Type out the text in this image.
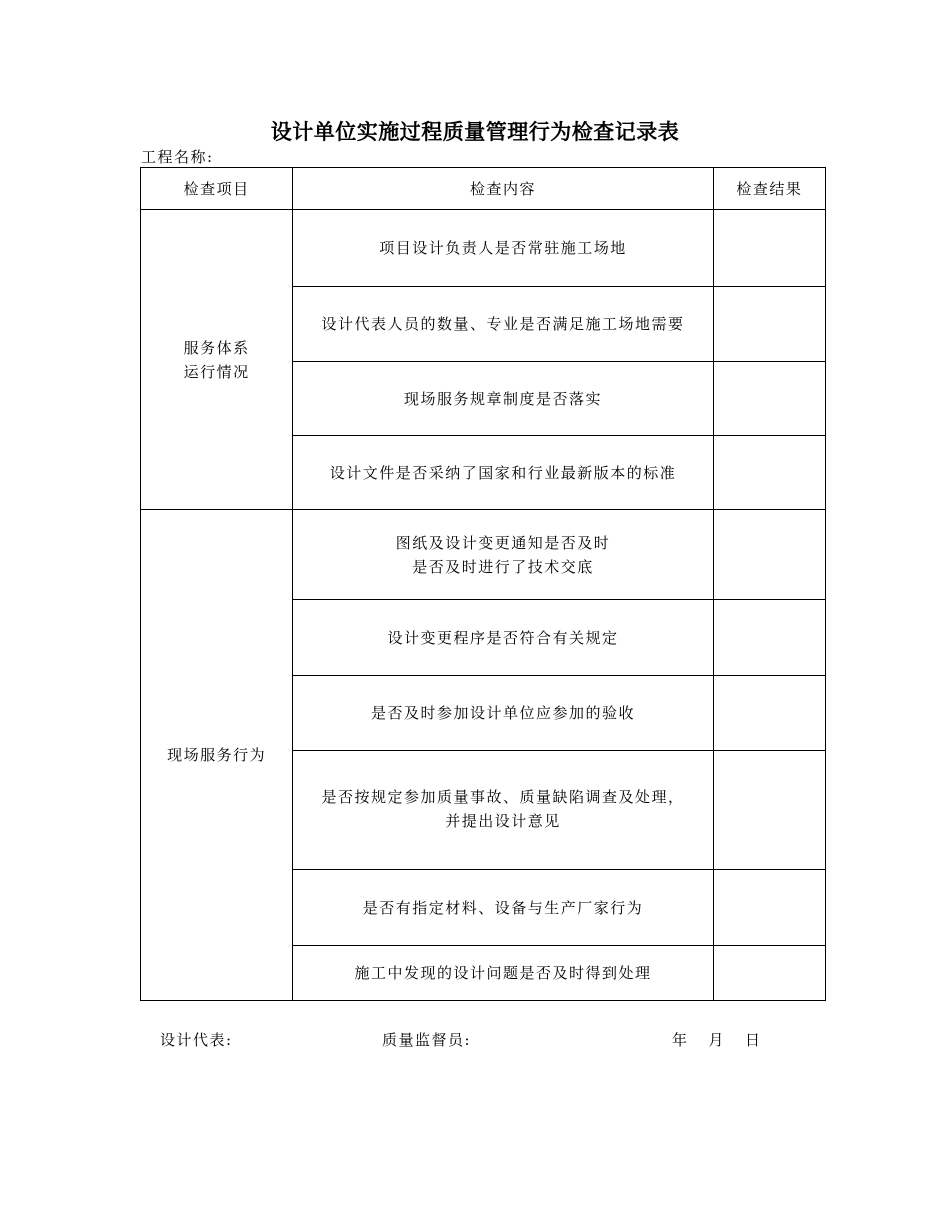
设计单位实施过程质量管理行为检查记录表
工程名称:
检查项目	检查内容	检查结果

服务体系
运行情况	项目设计负责人是否常驻施工场地	

	设计代表人员的数量、专业是否满足施工场地需要	

	现场服务规章制度是否落实	

	设计文件是否采纳了国家和行业最新版本的标准	

现场服务行为	图纸及设计变更通知是否及时
是否及时进行了技术交底	

	设计变更程序是否符合有关规定	

	是否及时参加设计单位应参加的验收	

	是否按规定参加质量事故、质量缺陷调查及处理，
并提出设计意见	

	是否有指定材料、设备与生产厂家行为	

	施工中发现的设计问题是否及时得到处理	

设计代表:	质量监督员:	年 月 日
